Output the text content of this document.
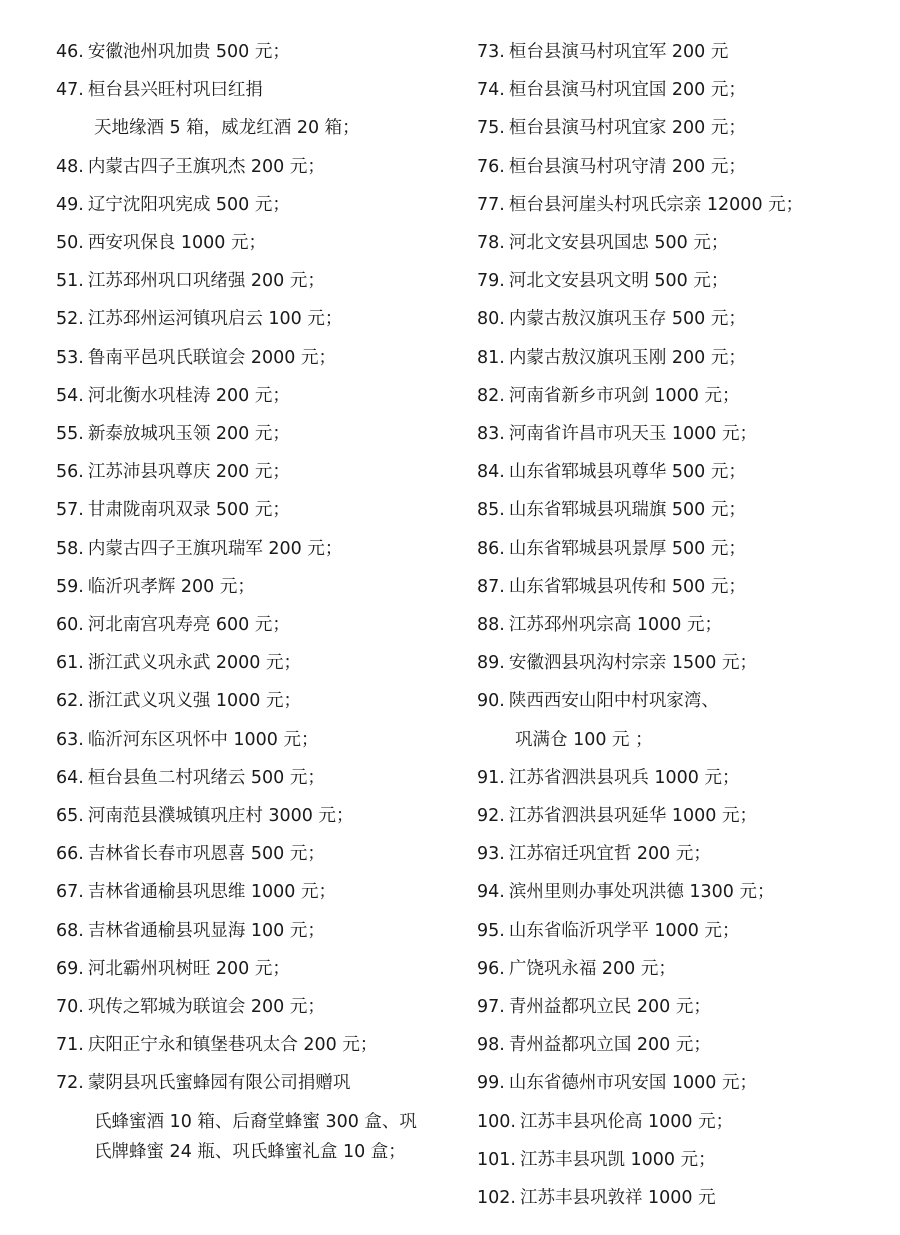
46. 安徽池州巩加贵 500 元；
47. 桓台县兴旺村巩曰红捐
天地缘酒 5 箱，威龙红酒 20 箱；
48. 内蒙古四子王旗巩杰 200 元；
49. 辽宁沈阳巩宪成 500 元；
50. 西安巩保良 1000 元；
51. 江苏邳州巩口巩绪强 200 元；
52. 江苏邳州运河镇巩启云 100 元；
53. 鲁南平邑巩氏联谊会 2000 元；
54. 河北衡水巩桂涛 200 元；
55. 新泰放城巩玉领 200 元；
56. 江苏沛县巩尊庆 200 元；
57. 甘肃陇南巩双录 500 元；
58. 内蒙古四子王旗巩瑞军 200 元；
59. 临沂巩孝辉 200 元；
60. 河北南宫巩寿亮 600 元；
61. 浙江武义巩永武 2000 元；
62. 浙江武义巩义强 1000 元；
63. 临沂河东区巩怀中 1000 元；
64. 桓台县鱼二村巩绪云 500 元；
65. 河南范县濮城镇巩庄村 3000 元；
66. 吉林省长春市巩恩喜 500 元；
67. 吉林省通榆县巩思维 1000 元；
68. 吉林省通榆县巩显海 100 元；
69. 河北霸州巩树旺 200 元；
70. 巩传之郓城为联谊会 200 元；
71. 庆阳正宁永和镇堡巷巩太合 200 元；
72. 蒙阴县巩氏蜜蜂园有限公司捐赠巩
氏蜂蜜酒 10 箱、后裔堂蜂蜜 300 盒、巩氏牌蜂蜜 24 瓶、巩氏蜂蜜礼盒 10 盒；
73. 桓台县演马村巩宜军 200 元
74. 桓台县演马村巩宜国 200 元；
75. 桓台县演马村巩宜家 200 元；
76. 桓台县演马村巩守清 200 元；
77. 桓台县河崖头村巩氏宗亲 12000 元；
78. 河北文安县巩国忠 500 元；
79. 河北文安县巩文明 500 元；
80. 内蒙古敖汉旗巩玉存 500 元；
81. 内蒙古敖汉旗巩玉刚 200 元；
82. 河南省新乡市巩剑 1000 元；
83. 河南省许昌市巩天玉 1000 元；
84. 山东省郓城县巩尊华 500 元；
85. 山东省郓城县巩瑞旗 500 元；
86. 山东省郓城县巩景厚 500 元；
87. 山东省郓城县巩传和 500 元；
88. 江苏邳州巩宗高 1000 元；
89. 安徽泗县巩沟村宗亲 1500 元；
90. 陕西西安山阳中村巩家湾、
巩满仓 100 元 ；
91. 江苏省泗洪县巩兵 1000 元；
92. 江苏省泗洪县巩延华 1000 元；
93. 江苏宿迁巩宜哲 200 元；
94. 滨州里则办事处巩洪德 1300 元；
95. 山东省临沂巩学平 1000 元；
96. 广饶巩永福 200 元；
97. 青州益都巩立民 200 元；
98. 青州益都巩立国 200 元；
99. 山东省德州市巩安国 1000 元；
100. 江苏丰县巩伦高 1000 元；
101. 江苏丰县巩凯 1000 元；
102. 江苏丰县巩敦祥 1000 元
